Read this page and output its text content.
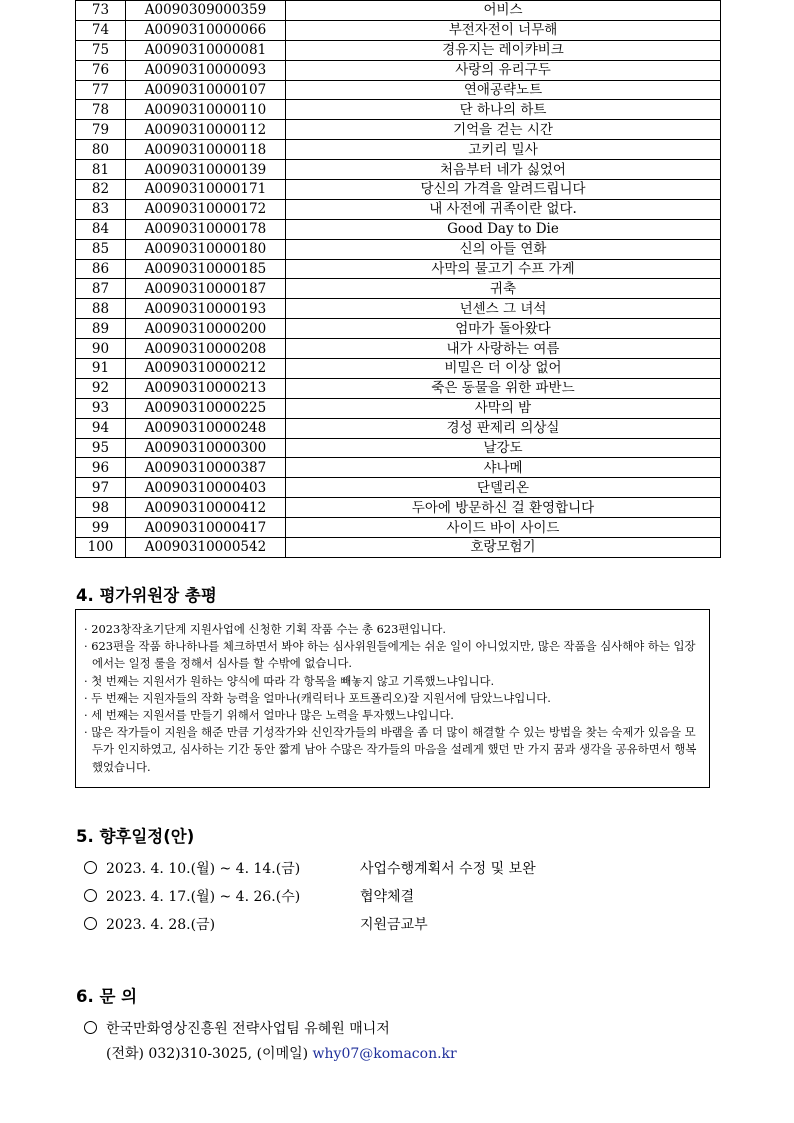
73	A0090309000359	어비스
74	A0090310000066	부전자전이 너무해
75	A0090310000081	경유지는 레이캬비크
76	A0090310000093	사랑의 유리구두
77	A0090310000107	연애공략노트
78	A0090310000110	단 하나의 하트
79	A0090310000112	기억을 걷는 시간
80	A0090310000118	고키리 밀사
81	A0090310000139	처음부터 네가 싫었어
82	A0090310000171	당신의 가격을 알려드립니다
83	A0090310000172	내 사전에 귀족이란 없다.
84	A0090310000178	Good Day to Die
85	A0090310000180	신의 아들 연화
86	A0090310000185	사막의 물고기 수프 가게
87	A0090310000187	귀축
88	A0090310000193	넌센스 그 녀석
89	A0090310000200	엄마가 돌아왔다
90	A0090310000208	내가 사랑하는 여름
91	A0090310000212	비밀은 더 이상 없어
92	A0090310000213	죽은 동물을 위한 파반느
93	A0090310000225	사막의 밤
94	A0090310000248	경성 판제리 의상실
95	A0090310000300	날강도
96	A0090310000387	샤나메
97	A0090310000403	단델리온
98	A0090310000412	두아에 방문하신 걸 환영합니다
99	A0090310000417	사이드 바이 사이드
100	A0090310000542	호랑모험기
4. 평가위원장 총평

· 2023창작초기단계 지원사업에 신청한 기획 작품 수는 총 623편입니다.

· 623편을 작품 하나하나를 체크하면서 봐야 하는 심사위원들에게는 쉬운 일이 아니었지만, 많은 작품을 심사해야 하는 입장에서는 일정 룰을 정해서 심사를 할 수밖에 없습니다.

· 첫 번째는 지원서가 원하는 양식에 따라 각 항목을 빼놓지 않고 기록했느냐입니다.

· 두 번째는 지원자들의 작화 능력을 얼마나(캐릭터나 포트폴리오)잘 지원서에 담았느냐입니다.

· 세 번째는 지원서를 만들기 위해서 얼마나 많은 노력을 투자했느냐입니다.

· 많은 작가들이 지원을 해준 만큼 기성작가와 신인작가들의 바램을 좀 더 많이 해결할 수 있는 방법을 찾는 숙제가 있음을 모두가 인지하였고, 심사하는 기간 동안 짧게 남아 수많은 작가들의 마음을 설레게 했던 만 가지 꿈과 생각을 공유하면서 행복했었습니다.

5. 향후일정(안)
2023. 4. 10.(월) ~ 4. 14.(금)	사업수행계획서 수정 및 보완
2023. 4. 17.(월) ~ 4. 26.(수)	협약체결
2023. 4. 28.(금)	지원금교부
6. 문 의
한국만화영상진흥원 전략사업팀 유혜원 매니저
(전화) 032)310-3025, (이메일) why07@komacon.kr
